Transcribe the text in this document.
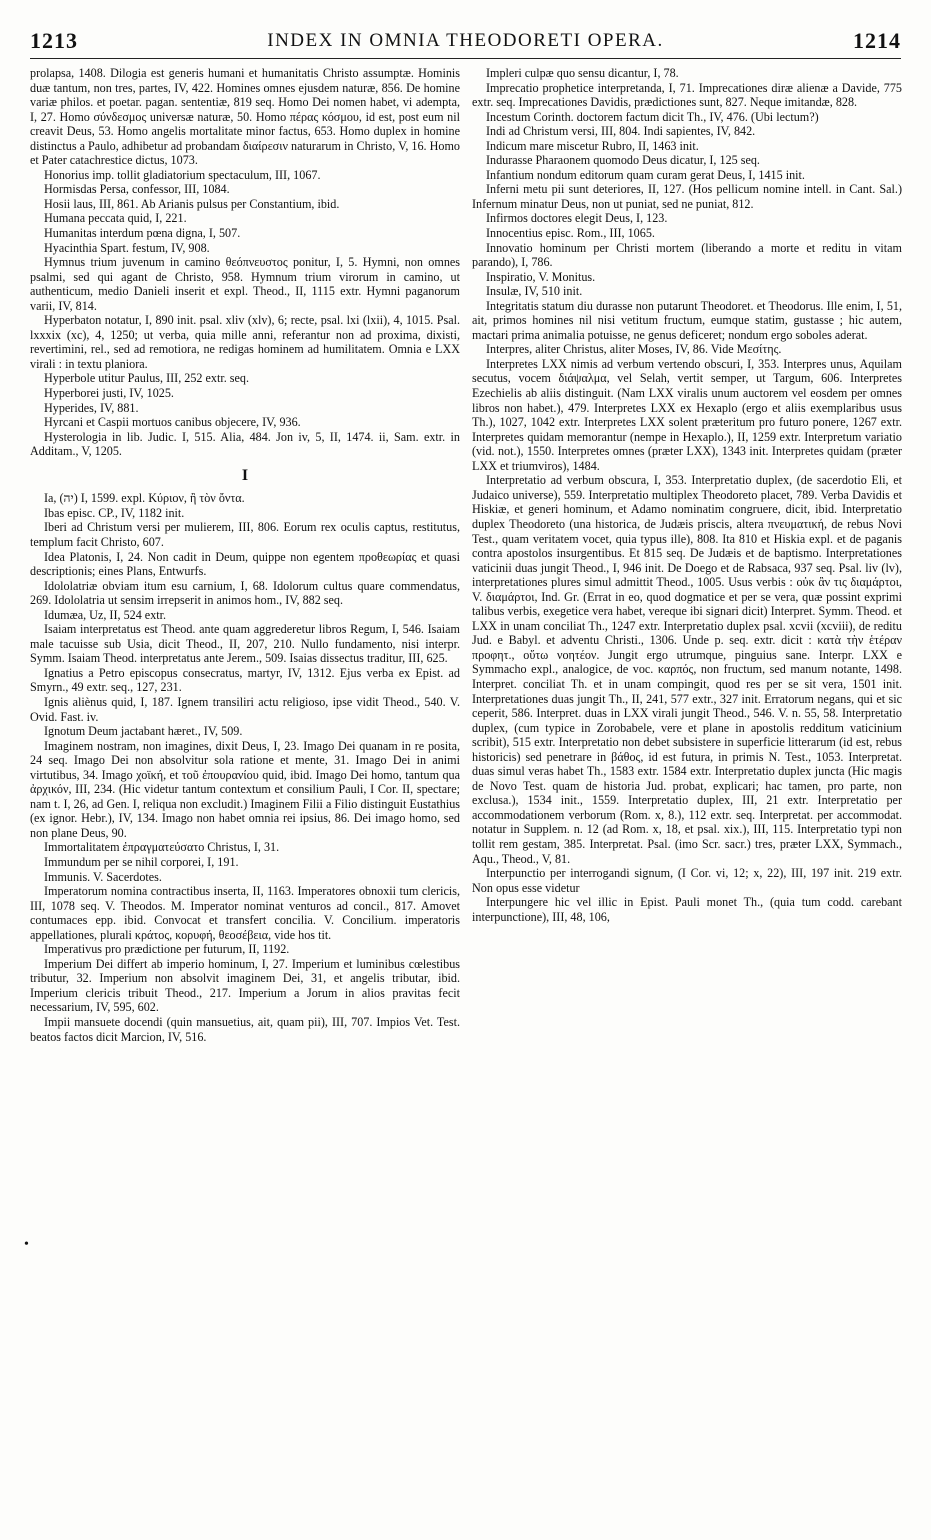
1213	INDEX IN OMNIA THEODORETI OPERA.	1214

prolapsa, 1408. Dilogia est generis humani et humanitatis Christo assumptæ. Hominis duæ tantum, non tres, partes, IV, 422. Homines omnes ejusdem naturæ, 856. De homine variæ philos. et poetar. pagan. sententiæ, 819 seq. Homo Dei nomen habet, vi adempta, I, 27. Homo σύνδεσμος universæ naturæ, 50. Homo πέρας κόσμου, id est, post eum nil creavit Deus, 53. Homo angelis mortalitate minor factus, 653. Homo duplex in homine distinctus a Paulo, adhibetur ad probandam διαίρεσιν naturarum in Christo, V, 16. Homo et Pater catachrestice dictus, 1073.

Honorius imp. tollit gladiatorium spectaculum, III, 1067.

Hormisdas Persa, confessor, III, 1084.

Hosii laus, III, 861. Ab Arianis pulsus per Constantium, ibid.

Humana peccata quid, I, 221.

Humanitas interdum pœna digna, I, 507.

Hyacinthia Spart. festum, IV, 908.

Hymnus trium juvenum in camino θεόπνευστος ponitur, I, 5. Hymni, non omnes psalmi, sed qui agant de Christo, 958. Hymnum trium virorum in camino, ut authenticum, medio Danieli inserit et expl. Theod., II, 1115 extr. Hymni paganorum varii, IV, 814.

Hyperbaton notatur, I, 890 init. psal. xliv (xlv), 6; recte, psal. lxi (lxii), 4, 1015. Psal. lxxxix (xc), 4, 1250; ut verba, quia mille anni, referantur non ad proxima, dixisti, revertimini, rel., sed ad remotiora, ne redigas hominem ad humilitatem. Omnia e LXX virali : in textu planiora.

Hyperbole utitur Paulus, III, 252 extr. seq.

Hyperborei justi, IV, 1025.

Hyperides, IV, 881.

Hyrcani et Caspii mortuos canibus objecere, IV, 936.

Hysterologia in lib. Judic. I, 515. Alia, 484. Jon iv, 5, II, 1474. ii, Sam. extr. in Additam., V, 1205.

I

Ia, (יה) I, 1599. expl. Κύριον, ἢ τὸν ὄντα.

Ibas episc. CP., IV, 1182 init.

Iberi ad Christum versi per mulierem, III, 806. Eorum rex oculis captus, restitutus, templum facit Christo, 607.

Idea Platonis, I, 24. Non cadit in Deum, quippe non egentem προθεωρίας et quasi descriptionis; eines Plans, Entwurfs.

Idololatriæ obviam itum esu carnium, I, 68. Idolorum cultus quare commendatus, 269. Idololatria ut sensim irrepserit in animos hom., IV, 882 seq.

Idumæa, Uz, II, 524 extr.

Isaiam interpretatus est Theod. ante quam aggrederetur libros Regum, I, 546. Isaiam male tacuisse sub Usia, dicit Theod., II, 207, 210. Nullo fundamento, nisi interpr. Symm. Isaiam Theod. interpretatus ante Jerem., 509. Isaias dissectus traditur, III, 625.

Ignatius a Petro episcopus consecratus, martyr, IV, 1312. Ejus verba ex Epist. ad Smyrn., 49 extr. seq., 127, 231.

Ignis aliènus quid, I, 187. Ignem transiliri actu religioso, ipse vidit Theod., 540. V. Ovid. Fast. iv.

Ignotum Deum jactabant hæret., IV, 509.

Imaginem nostram, non imagines, dixit Deus, I, 23. Imago Dei quanam in re posita, 24 seq. Imago Dei non absolvitur sola ratione et mente, 31. Imago Dei in animi virtutibus, 34. Imago χοϊκή, et τοῦ ἐπουρανίου quid, ibid. Imago Dei homo, tantum qua ἀρχικόν, III, 234. (Hic videtur tantum contextum et consilium Pauli, I Cor. II, spectare; nam t. I, 26, ad Gen. I, reliqua non excludit.) Imaginem Filii a Filio distinguit Eustathius (ex ignor. Hebr.), IV, 134. Imago non habet omnia rei ipsius, 86. Dei imago homo, sed non plane Deus, 90.

Immortalitatem ἐπραγματεύσατο Christus, I, 31.

Immundum per se nihil corporei, I, 191.

Immunis. V. Sacerdotes.

Imperatorum nomina contractibus inserta, II, 1163. Imperatores obnoxii tum clericis, III, 1078 seq. V. Theodos. M. Imperator nominat venturos ad concil., 817. Amovet contumaces epp. ibid. Convocat et transfert concilia. V. Concilium. imperatoris appellationes, plurali κράτος, κορυφή, θεοσέβεια, vide hos tit.

Imperativus pro prædictione per futurum, II, 1192.

Imperium Dei differt ab imperio hominum, I, 27. Imperium et luminibus cœlestibus tributur, 32. Imperium non absolvit imaginem Dei, 31, et angelis tributar, ibid. Imperium clericis tribuit Theod., 217. Imperium a Jorum in alios pravitas fecit necessarium, IV, 595, 602.

Impii mansuete docendi (quin mansuetius, ait, quam pii), III, 707. Impios Vet. Test. beatos factos dicit Marcion, IV, 516.

Impleri culpæ quo sensu dicantur, I, 78.

Imprecatio prophetice interpretanda, I, 71. Imprecationes diræ alienæ a Davide, 775 extr. seq. Imprecationes Davidis, prædictiones sunt, 827. Neque imitandæ, 828.

Incestum Corinth. doctorem factum dicit Th., IV, 476. (Ubi lectum?)

Indi ad Christum versi, III, 804. Indi sapientes, IV, 842.

Indicum mare miscetur Rubro, II, 1463 init.

Indurasse Pharaonem quomodo Deus dicatur, I, 125 seq.

Infantium nondum editorum quam curam gerat Deus, I, 1415 init.

Inferni metu pii sunt deteriores, II, 127. (Hos pellicum nomine intell. in Cant. Sal.) Infernum minatur Deus, non ut puniat, sed ne puniat, 812.

Infirmos doctores elegit Deus, I, 123.

Innocentius episc. Rom., III, 1065.

Innovatio hominum per Christi mortem (liberando a morte et reditu in vitam parando), I, 786.

Inspiratio, V. Monitus.

Insulæ, IV, 510 init.

Integritatis statum diu durasse non putarunt Theodoret. et Theodorus. Ille enim, I, 51, ait, primos homines nil nisi vetitum fructum, eumque statim, gustasse ; hic autem, mactari prima animalia potuisse, ne genus deficeret; nondum ergo soboles aderat.

Interpres, aliter Christus, aliter Moses, IV, 86. Vide Μεσίτης.

Interpretes LXX nimis ad verbum vertendo obscuri, I, 353. Interpres unus, Aquilam secutus, vocem διάψαλμα, vel Selah, vertit semper, ut Targum, 606. Interpretes Ezechielis ab aliis distinguit. (Nam LXX viralis unum auctorem vel eosdem per omnes libros non habet.), 479. Interpretes LXX ex Hexaplo (ergo et aliis exemplaribus usus Th.), 1027, 1042 extr. Interpretes LXX solent præteritum pro futuro ponere, 1267 extr. Interpretes quidam memorantur (nempe in Hexaplo.), II, 1259 extr. Interpretum variatio (vid. not.), 1550. Interpretes omnes (præter LXX), 1343 init. Interpretes quidam (præter LXX et triumviros), 1484.

Interpretatio ad verbum obscura, I, 353. Interpretatio duplex, (de sacerdotio Eli, et Judaico universe), 559. Interpretatio multiplex Theodoreto placet, 789. Verba Davidis et Hiskiæ, et generi hominum, et Adamo nominatim congruere, dicit, ibid. Interpretatio duplex Theodoreto (una historica, de Judæis priscis, altera πνευματική, de rebus Novi Test., quam veritatem vocet, quia typus ille), 808. Ita 810 et Hiskia expl. et de paganis contra apostolos insurgentibus. Et 815 seq. De Judæis et de baptismo. Interpretationes vaticinii duas jungit Theod., I, 946 init. De Doego et de Rabsaca, 937 seq. Psal. liv (lv), interpretationes plures simul admittit Theod., 1005. Usus verbis : οὐκ ἂν τις διαμάρτοι, V. διαμάρτοι, Ind. Gr. (Errat in eo, quod dogmatice et per se vera, quæ possint exprimi talibus verbis, exegetice vera habet, vereque ibi signari dicit) Interpret. Symm. Theod. et LXX in unam conciliat Th., 1247 extr. Interpretatio duplex psal. xcvii (xcviii), de reditu Jud. e Babyl. et adventu Christi., 1306. Unde p. seq. extr. dicit : κατὰ τὴν ἑτέραν προφητ., οὕτω νοητέον. Jungit ergo utrumque, pinguius sane. Interpr. LXX e Symmacho expl., analogice, de voc. καρπός, non fructum, sed manum notante, 1498. Interpret. conciliat Th. et in unam compingit, quod res per se sit vera, 1501 init. Interpretationes duas jungit Th., II, 241, 577 extr., 327 init. Erratorum negans, qui et sic ceperit, 586. Interpret. duas in LXX virali jungit Theod., 546. V. n. 55, 58. Interpretatio duplex, (cum typice in Zorobabele, vere et plane in apostolis redditum vaticinium scribit), 515 extr. Interpretatio non debet subsistere in superficie litterarum (id est, rebus historicis) sed penetrare in βάθος, id est futura, in primis N. Test., 1053. Interpretat. duas simul veras habet Th., 1583 extr. 1584 extr. Interpretatio duplex juncta (Hic magis de Novo Test. quam de historia Jud. probat, explicari; hac tamen, pro parte, non exclusa.), 1534 init., 1559. Interpretatio duplex, III, 21 extr. Interpretatio per accommodationem verborum (Rom. x, 8.), 112 extr. seq. Interpretat. per accommodat. notatur in Supplem. n. 12 (ad Rom. x, 18, et psal. xix.), III, 115. Interpretatio typi non tollit rem gestam, 385. Interpretat. Psal. (imo Scr. sacr.) tres, præter LXX, Symmach., Aqu., Theod., V, 81.

Interpunctio per interrogandi signum, (I Cor. vi, 12; x, 22), III, 197 init. 219 extr. Non opus esse videtur

Interpungere hic vel illic in Epist. Pauli monet Th., (quia tum codd. carebant interpunctione), III, 48, 106,

•
